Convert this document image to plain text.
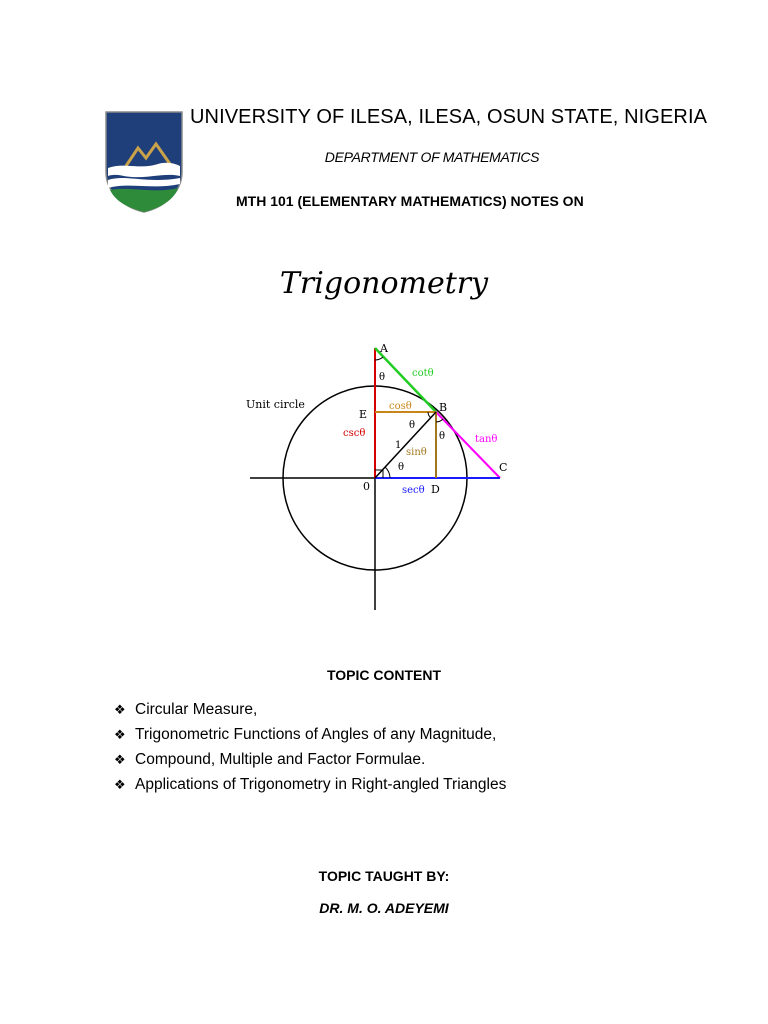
UNIVERSITY OF ILESA, ILESA, OSUN STATE, NIGERIA
DEPARTMENT OF MATHEMATICS
MTH 101 (ELEMENTARY MATHEMATICS) NOTES ON
Trigonometry
Unit circle
A
B
C
D
E
0
cotθ
cosθ
cscθ
tanθ
sinθ
secθ
1
θ
θ
θ
θ
TOPIC CONTENT
❖ Circular Measure,
❖ Trigonometric Functions of Angles of any Magnitude,
❖ Compound, Multiple and Factor Formulae.
❖ Applications of Trigonometry in Right-angled Triangles
TOPIC TAUGHT BY:
DR. M. O. ADEYEMI
